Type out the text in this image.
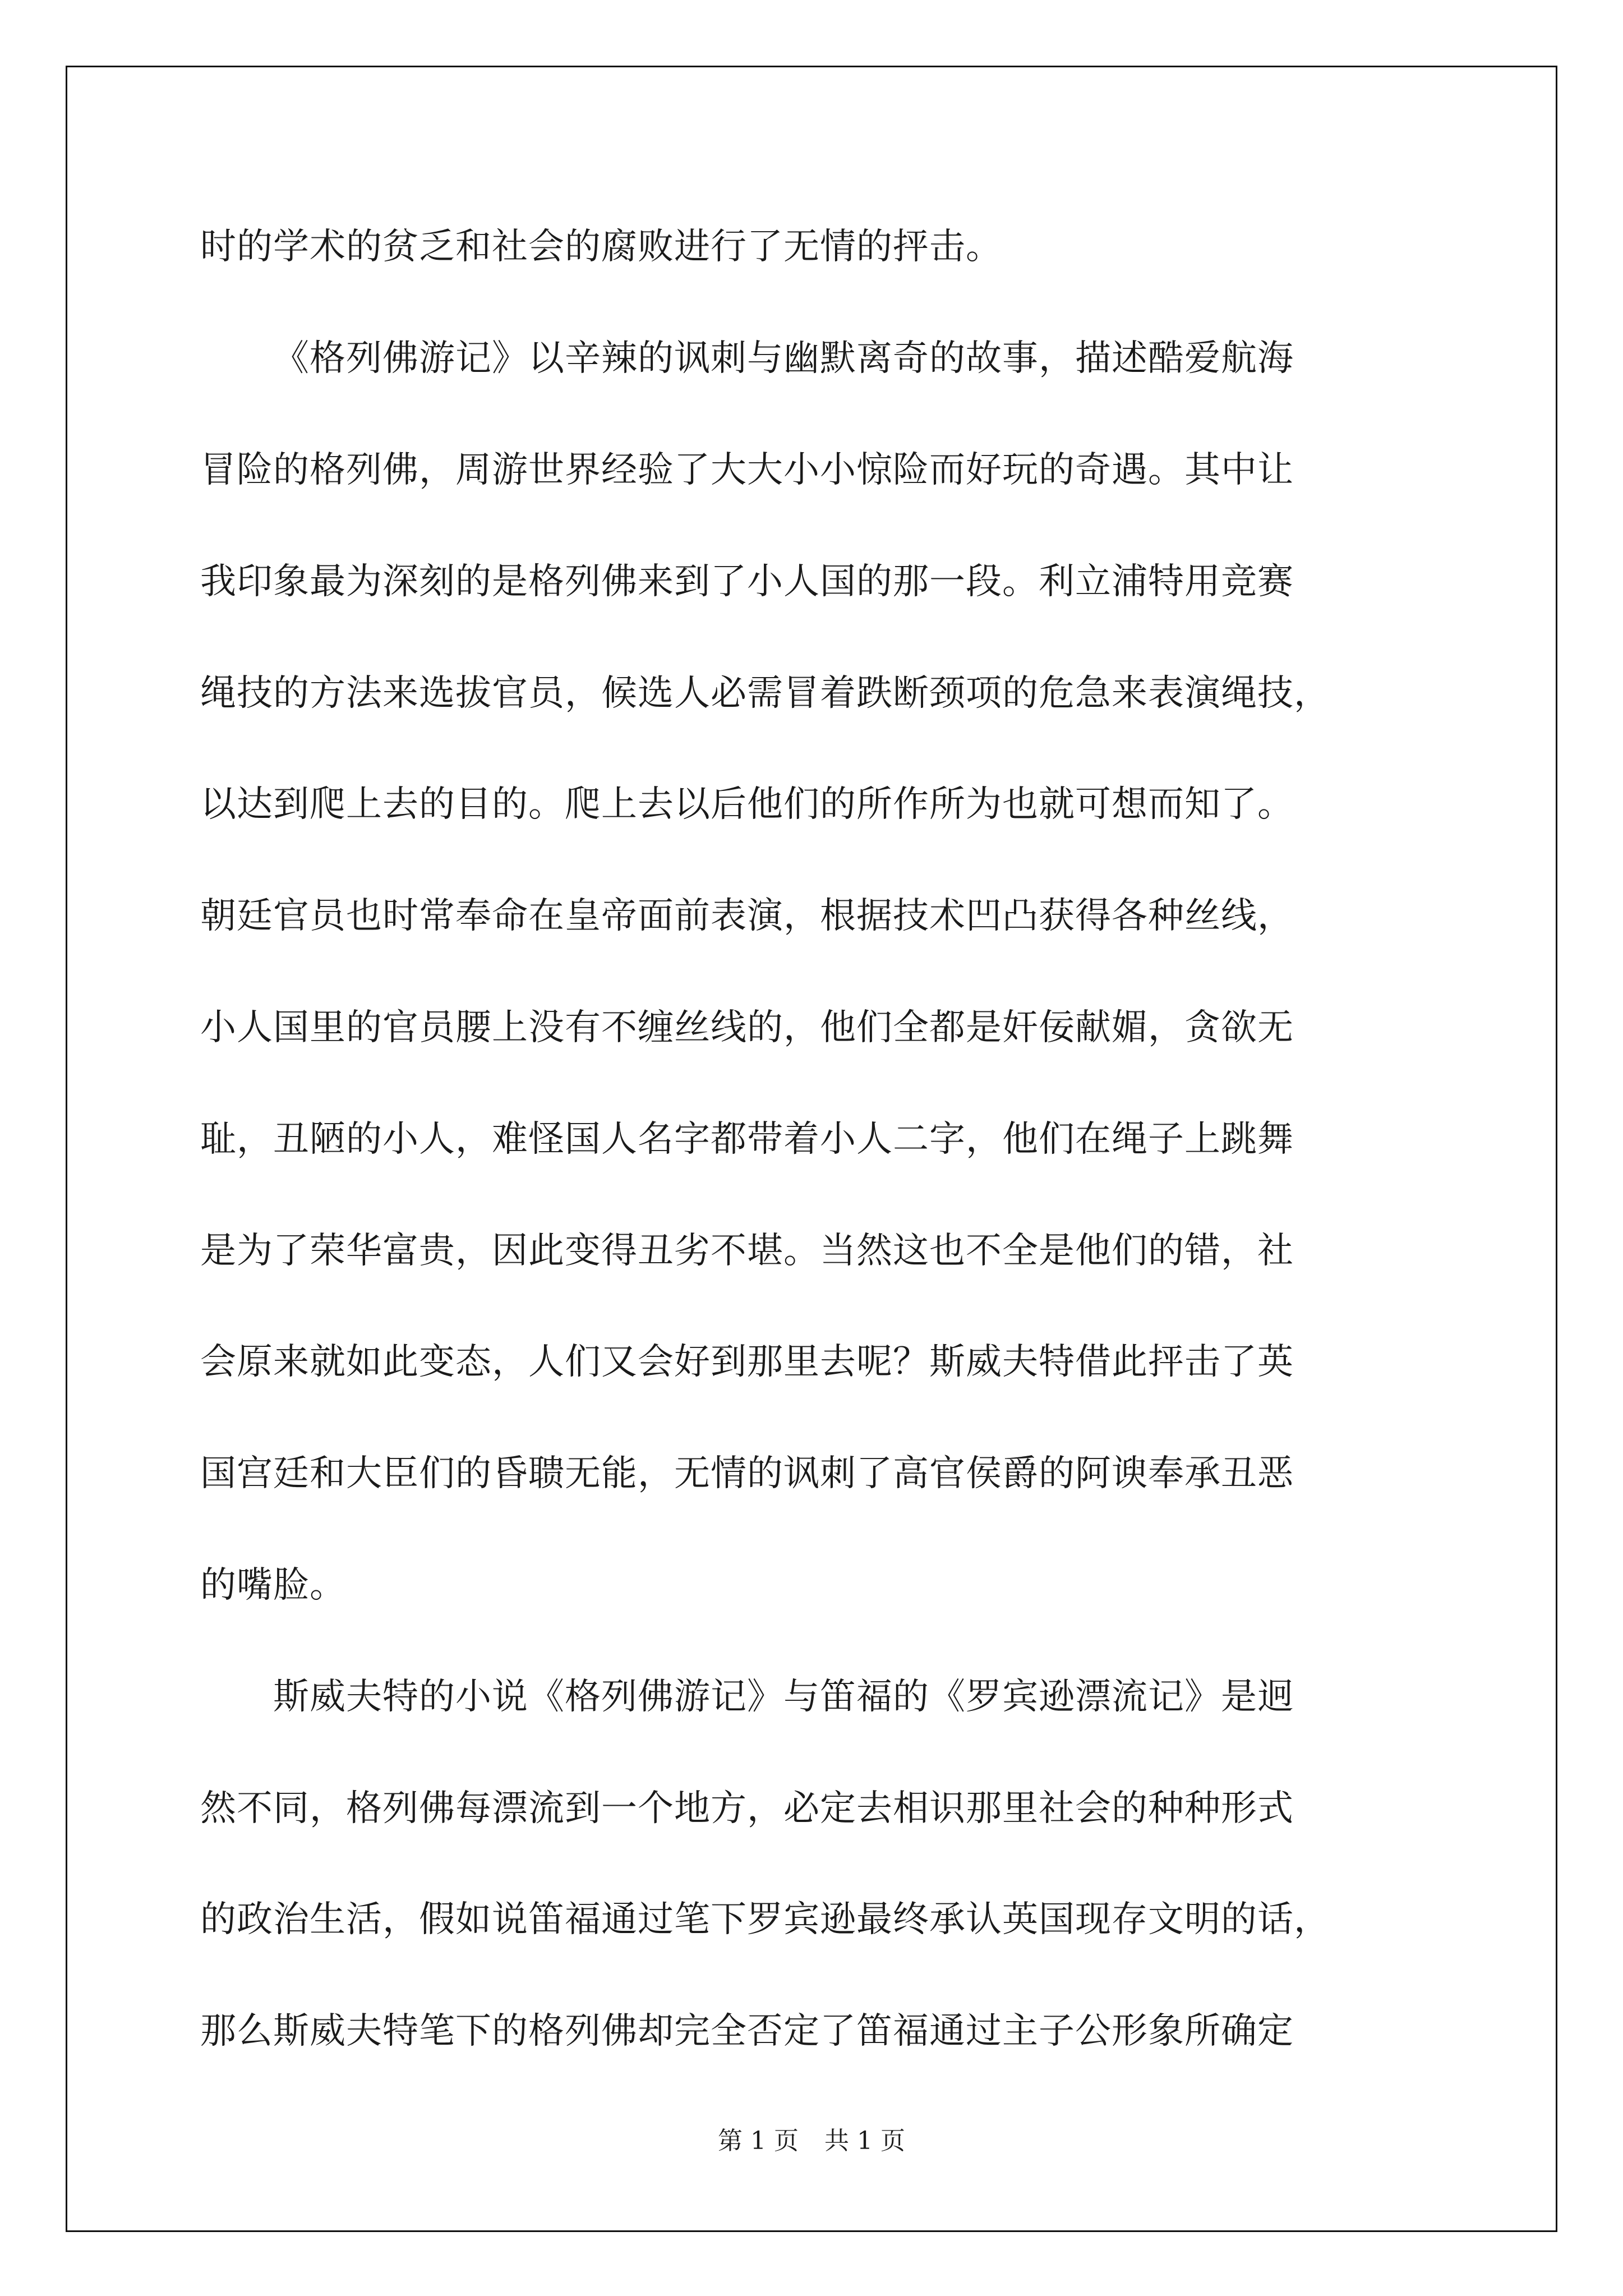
时的学术的贫乏和社会的腐败进行了无情的抨击。
《格列佛游记》以辛辣的讽刺与幽默离奇的故事，描述酷爱航海
冒险的格列佛，周游世界经验了大大小小惊险而好玩的奇遇。其中让
我印象最为深刻的是格列佛来到了小人国的那一段。利立浦特用竞赛
绳技的方法来选拔官员，候选人必需冒着跌断颈项的危急来表演绳技，
以达到爬上去的目的。爬上去以后他们的所作所为也就可想而知了。
朝廷官员也时常奉命在皇帝面前表演，根据技术凹凸获得各种丝线，
小人国里的官员腰上没有不缠丝线的，他们全都是奸佞献媚，贪欲无
耻，丑陋的小人，难怪国人名字都带着小人二字，他们在绳子上跳舞
是为了荣华富贵，因此变得丑劣不堪。当然这也不全是他们的错，社
会原来就如此变态，人们又会好到那里去呢？斯威夫特借此抨击了英
国宫廷和大臣们的昏聩无能，无情的讽刺了高官侯爵的阿谀奉承丑恶
的嘴脸。
斯威夫特的小说《格列佛游记》与笛福的《罗宾逊漂流记》是迥
然不同，格列佛每漂流到一个地方，必定去相识那里社会的种种形式
的政治生活，假如说笛福通过笔下罗宾逊最终承认英国现存文明的话，
那么斯威夫特笔下的格列佛却完全否定了笛福通过主子公形象所确定
第 1 页 共 1 页
